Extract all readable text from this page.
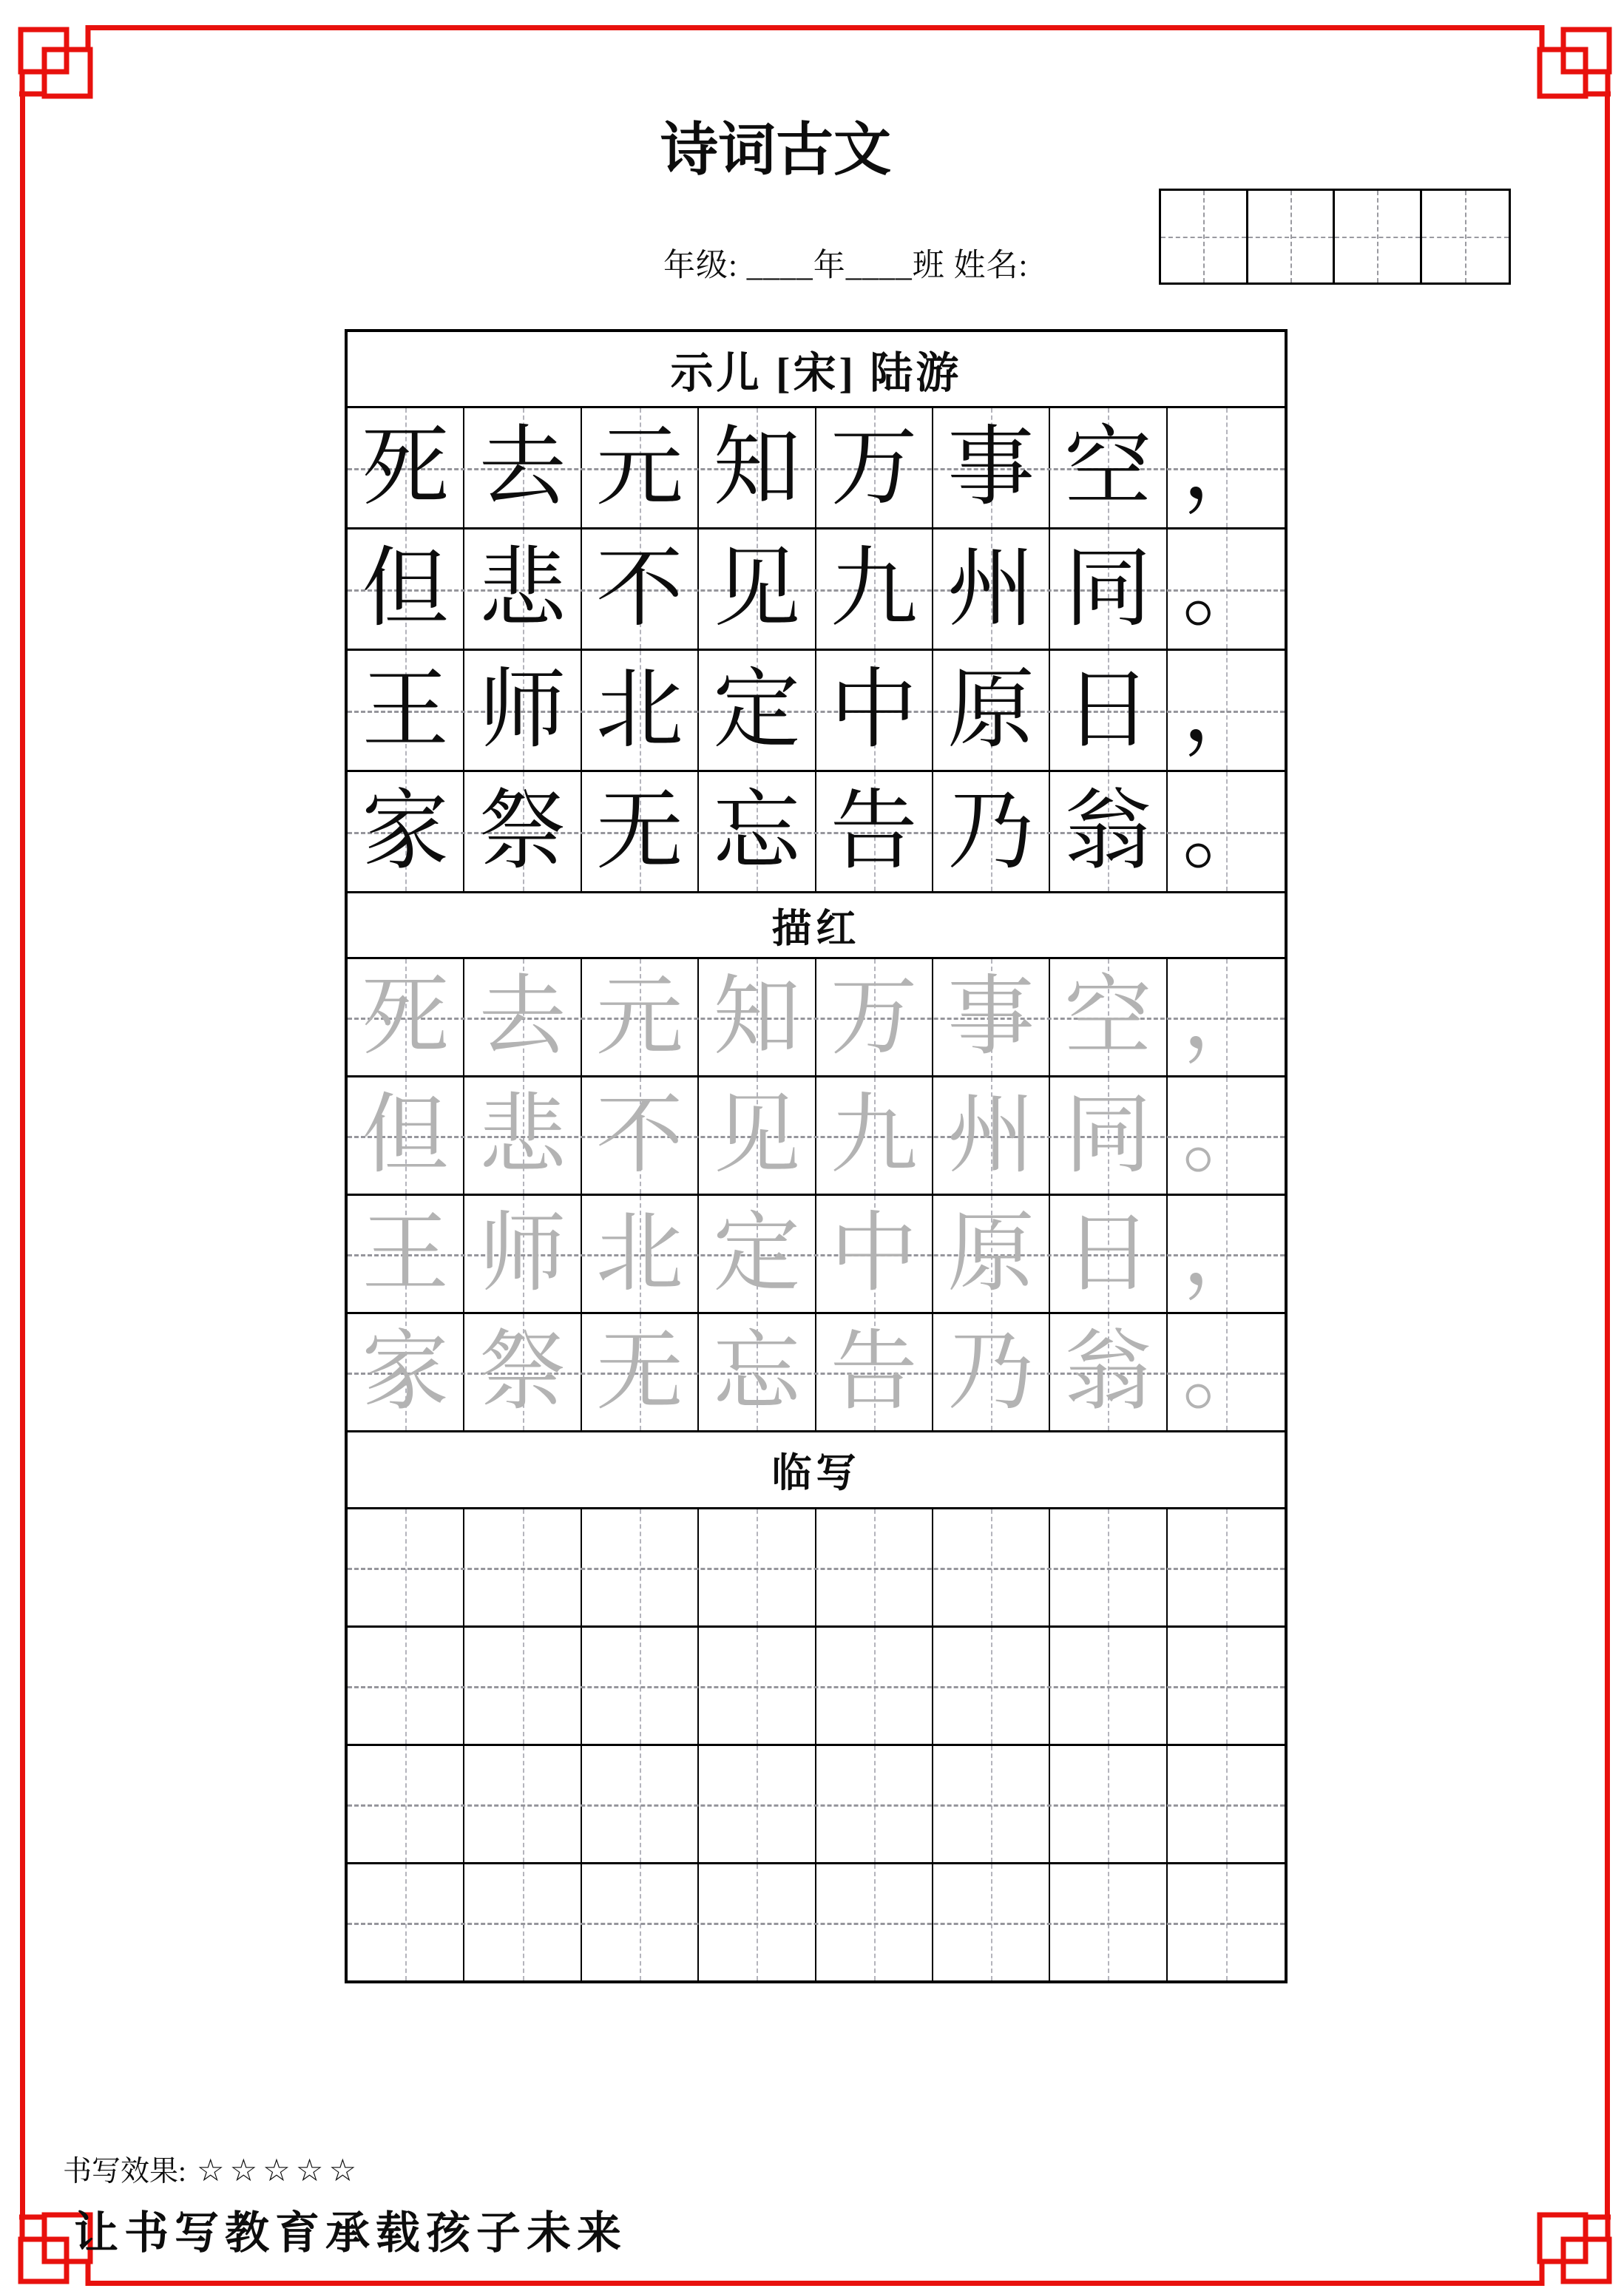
诗词古文
年级: ____年____班 姓名:
示儿 [宋] 陆游
死 去 元 知 万 事 空 ，
但 悲 不 见 九 州 同 。
王 师 北 定 中 原 日 ，
家 祭 无 忘 告 乃 翁 。
描红
死 去 元 知 万 事 空 ，
但 悲 不 见 九 州 同 。
王 师 北 定 中 原 日 ，
家 祭 无 忘 告 乃 翁 。
临写
书写效果: ☆☆☆☆☆
让书写教育承载孩子未来
